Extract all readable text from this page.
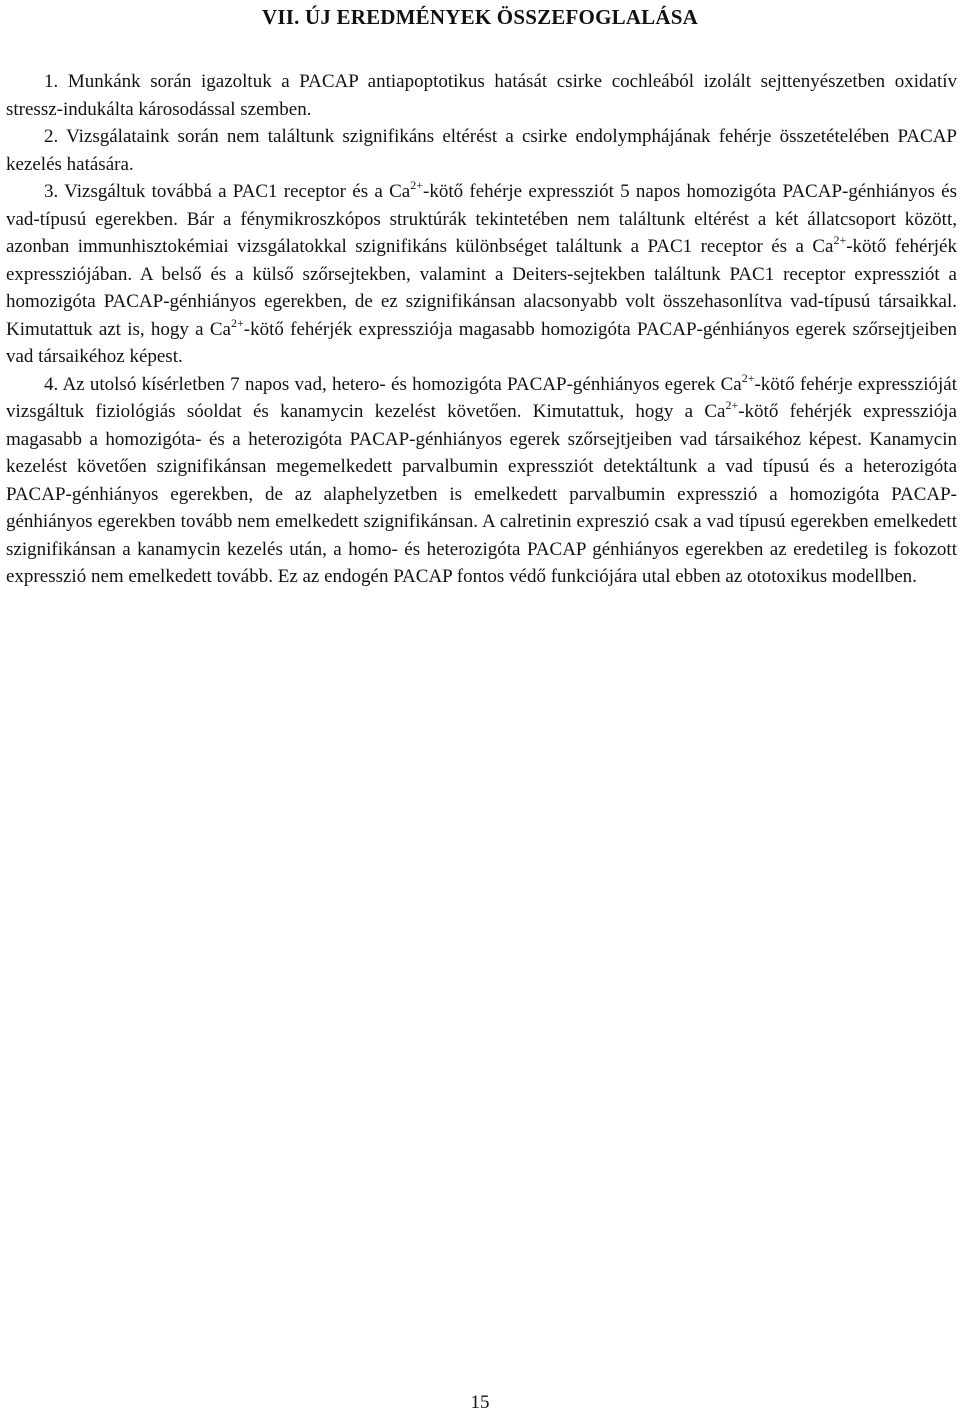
VII. ÚJ EREDMÉNYEK ÖSSZEFOGLALÁSA

1. Munkánk során igazoltuk a PACAP antiapoptotikus hatását csirke cochleából izolált sejttenyészetben oxidatív stressz-indukálta károsodással szemben.

2. Vizsgálataink során nem találtunk szignifikáns eltérést a csirke endolymphájának fehérje összetételében PACAP kezelés hatására.

3. Vizsgáltuk továbbá a PAC1 receptor és a $Ca^{2+}$-kötő fehérje expressziót 5 napos homozigóta PACAP-génhiányos és vad-típusú egerekben. Bár a fénymikroszkópos struktúrák tekintetében nem találtunk eltérést a két állatcsoport között, azonban immunhisztokémiai vizsgálatokkal szignifikáns különbséget találtunk a PAC1 receptor és a $Ca^{2+}$-kötő fehérjék expressziójában. A belső és a külső szőrsejtekben, valamint a Deiters-sejtekben találtunk PAC1 receptor expressziót a homozigóta PACAP-génhiányos egerekben, de ez szignifikánsan alacsonyabb volt összehasonlítva vad-típusú társaikkal. Kimutattuk azt is, hogy a $Ca^{2+}$-kötő fehérjék expressziója magasabb homozigóta PACAP-génhiányos egerek szőrsejtjeiben vad társaikéhoz képest.

4. Az utolsó kísérletben 7 napos vad, hetero- és homozigóta PACAP-génhiányos egerek $Ca^{2+}$-kötő fehérje expresszióját vizsgáltuk fiziológiás sóoldat és kanamycin kezelést követően. Kimutattuk, hogy a $Ca^{2+}$-kötő fehérjék expressziója magasabb a homozigóta- és a heterozigóta PACAP-génhiányos egerek szőrsejtjeiben vad társaikéhoz képest. Kanamycin kezelést követően szignifikánsan megemelkedett parvalbumin expressziót detektáltunk a vad típusú és a heterozigóta PACAP-génhiányos egerekben, de az alaphelyzetben is emelkedett parvalbumin expresszió a homozigóta PACAP-génhiányos egerekben tovább nem emelkedett szignifikánsan. A calretinin expreszió csak a vad típusú egerekben emelkedett szignifikánsan a kanamycin kezelés után, a homo- és heterozigóta PACAP génhiányos egerekben az eredetileg is fokozott expresszió nem emelkedett tovább. Ez az endogén PACAP fontos védő funkciójára utal ebben az ototoxikus modellben.

15
